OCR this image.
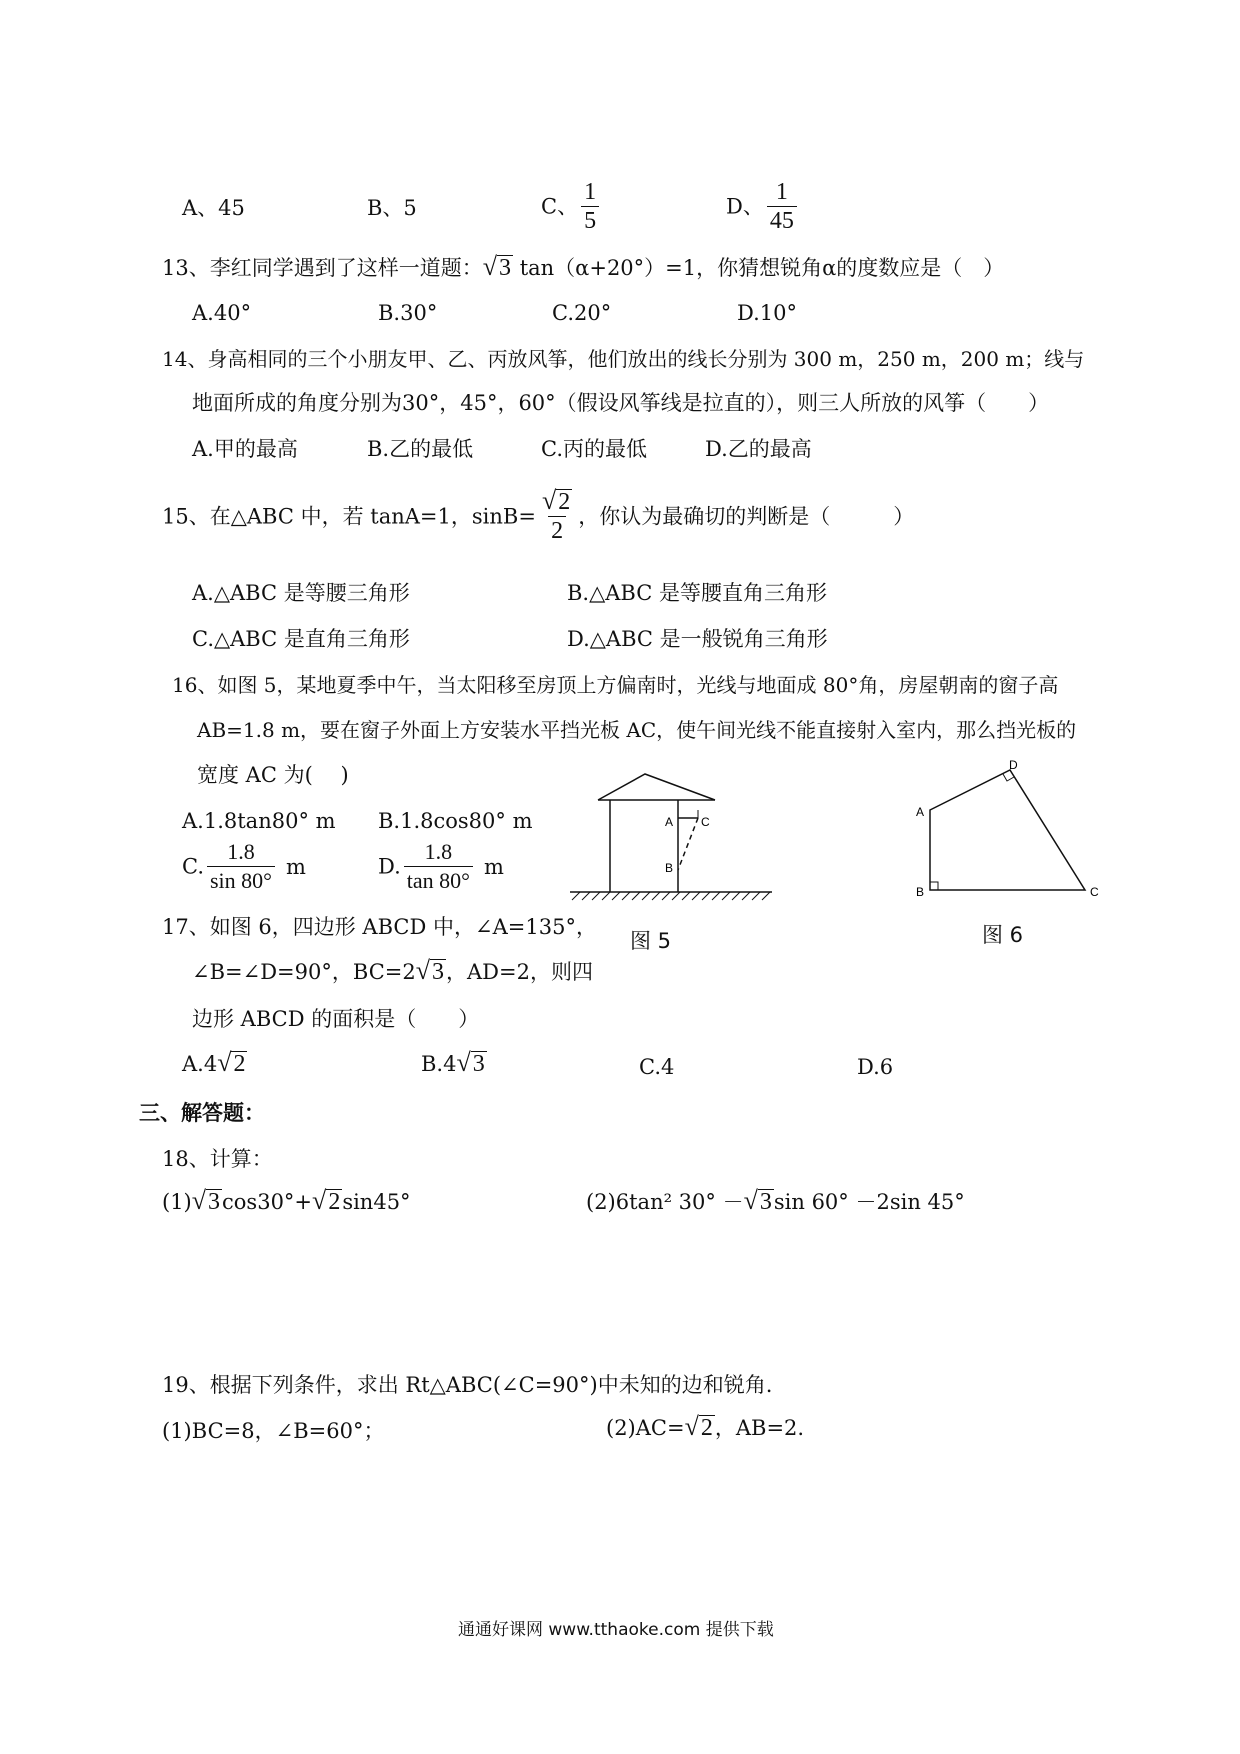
A、45	B、5	C、 $\frac{1}{5}$	D、 $\frac{1}{45}$
13、李红同学遇到了这样一道题： √ 3 tan（α+20°）=1，你猜想锐角α的度数应是（　）
A.40°	B.30°	C.20°	D.10°
14、身高相同的三个小朋友甲、乙、丙放风筝，他们放出的线长分别为 300 m，250 m，200 m；线与
地面所成的角度分别为30°，45°，60°（假设风筝线是拉直的），则三人所放的风筝（　　）
A.甲的最高	B.乙的最低	C.丙的最低	D.乙的最高
15、在△ABC 中，若 tanA=1，$\sin B= \frac{√ 2}{2}$ ，你认为最确切的判断是（　　　）
A.△ABC 是等腰三角形	B.△ABC 是等腰直角三角形
C.△ABC 是直角三角形	D.△ABC 是一般锐角三角形
16、如图 5，某地夏季中午，当太阳移至房顶上方偏南时，光线与地面成 80°角，房屋朝南的窗子高
AB=1.8 m，要在窗子外面上方安装水平挡光板 AC，使午间光线不能直接射入室内，那么挡光板的
宽度 AC 为(　 )
A.1.8tan80° m B.1.8cos80° m
C. $\frac{1.8}{\sin 80^\circ}$ m	D. $\frac{1.8}{\tan 80^\circ}$ m
A C
B
图 5
A
B	C
D
图 6
17、如图 6，四边形 ABCD 中，∠A=135°，
∠B=∠D=90°，BC=2 √ 3 ，AD=2，则四
边形 ABCD 的面积是（　　）
A.4 √ 2	B.4 √ 3	C.4	D.6
三、解答题：
18、计算：
(1) √ 3 cos30°+ √ 2 sin45°	(2)6tan² 30° － √ 3 sin 60° －2sin 45°
19、根据下列条件，求出 Rt△ABC(∠C=90°)中未知的边和锐角.
(1)BC=8，∠B=60°；	(2)AC= √ 2 ，AB=2.
通通好课网 www.tthaoke.com 提供下载
